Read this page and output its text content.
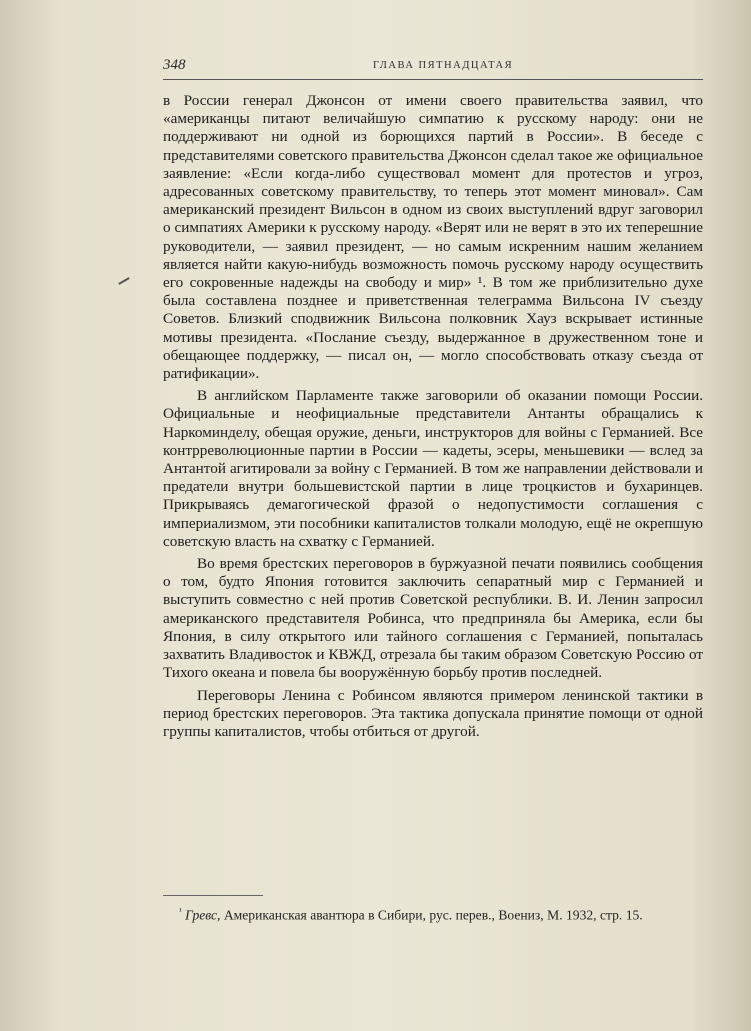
348	ГЛАВА ПЯТНАДЦАТАЯ

в России генерал Джонсон от имени своего правительства заявил, что «американцы питают величайшую симпатию к русскому народу: они не поддерживают ни одной из борющихся партий в России». В беседе с представителями советского правительства Джонсон сделал такое же официальное заявление: «Если когда-либо существовал момент для протестов и угроз, адресованных советскому правительству, то теперь этот момент миновал». Сам американский президент Вильсон в одном из своих выступлений вдруг заговорил о симпатиях Америки к русскому народу. «Верят или не верят в это их теперешние руководители, — заявил президент, — но самым искренним нашим желанием является найти какую-нибудь возможность помочь русскому народу осуществить его сокровенные надежды на свободу и мир» ¹. В том же приблизительно духе была составлена позднее и приветственная телеграмма Вильсона IV съезду Советов. Близкий сподвижник Вильсона полковник Хауз вскрывает истинные мотивы президента. «Послание съезду, выдержанное в дружественном тоне и обещающее поддержку, — писал он, — могло способствовать отказу съезда от ратификации».

В английском Парламенте также заговорили об оказании помощи России. Официальные и неофициальные представители Антанты обращались к Наркоминделу, обещая оружие, деньги, инструкторов для войны с Германией. Все контрреволюционные партии в России — кадеты, эсеры, меньшевики — вслед за Антантой агитировали за войну с Германией. В том же направлении действовали и предатели внутри большевистской партии в лице троцкистов и бухаринцев. Прикрываясь демагогической фразой о недопустимости соглашения с империализмом, эти пособники капиталистов толкали молодую, ещё не окрепшую советскую власть на схватку с Германией.

Во время брестских переговоров в буржуазной печати появились сообщения о том, будто Япония готовится заключить сепаратный мир с Германией и выступить совместно с ней против Советской республики. В. И. Ленин запросил американского представителя Робинса, что предприняла бы Америка, если бы Япония, в силу открытого или тайного соглашения с Германией, попыталась захватить Владивосток и КВЖД, отрезала бы таким образом Советскую Россию от Тихого океана и повела бы вооружённую борьбу против последней.

Переговоры Ленина с Робинсом являются примером ленинской тактики в период брестских переговоров. Эта тактика допускала принятие помощи от одной группы капиталистов, чтобы отбиться от другой.

$^{^1}$ Гревс, Американская авантюра в Сибири, рус. перев., Воениз, М. 1932, стр. 15.
